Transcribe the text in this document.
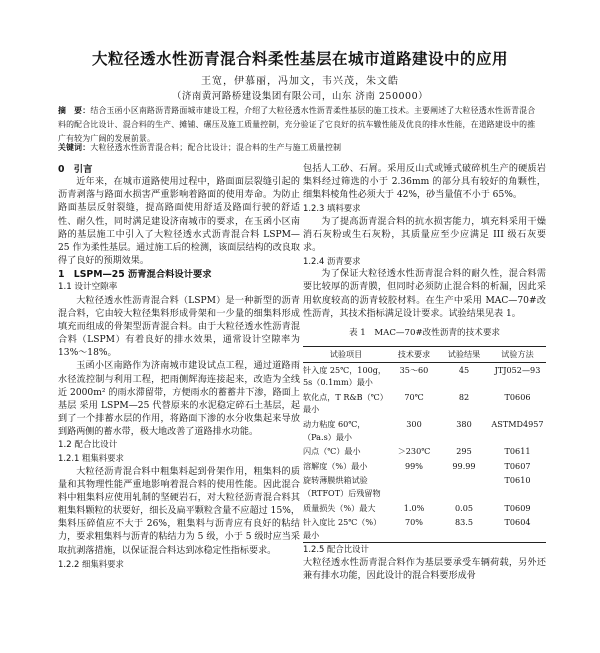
大粒径透水性沥青混合料柔性基层在城市道路建设中的应用
王宽，伊慕丽，冯加文，韦兴茂，朱文皓
（济南黄河路桥建设集团有限公司，山东 济南 250000）
摘　要：结合玉函小区南路沥青路面城市建设工程，介绍了大粒径透水性沥青柔性基层的施工技术。主要阐述了大粒径透水性沥青混合料的配合比设计、混合料的生产、摊铺、碾压及施工质量控制，充分验证了它良好的抗车辙性能及优良的排水性能，在道路建设中的推广有较为广阔的发展前景。
关键词：大粒径透水性沥青混合料；配合比设计；混合料的生产与施工质量控制

0　引言

近年来，在城市道路使用过程中，路面面层裂缝引起的沥青剥落与路面水损害严重影响着路面的使用寿命。为防止路面基层反射裂缝，提高路面使用舒适及路面行驶的舒适性、耐久性，同时满足建设济南城市的要求，在玉函小区南路的基层施工中引入了大粒径透水式沥青混合料 LSPM—25 作为柔性基层。通过施工后的检测，该面层结构的改良取得了良好的预期效果。

1　LSPM—25 沥青混合料设计要求

1.1 设计空隙率

大粒径透水性沥青混合料（LSPM）是一种新型的沥青混合料，它由较大粒径集料形成骨架和一少量的细集料形成填充而组成的骨架型沥青混合料。由于大粒径透水性沥青混合料（LSPM）有着良好的排水效果，通常设计空隙率为13%～18%。

玉函小区南路作为济南城市建设试点工程，通过道路雨水径流控制与利用工程，把雨侧辉海连接起来，改造为全线近 2000m² 的雨水滞留带，方便雨水的蓄蓄井下渗，路面上基层 采用 LSPM—25 代替原来的水泥稳定碎石土基层，起到了一个排蓄水层的作用，将路面下渗的水分收集起来导放到路两侧的蓄水带，极大地改善了道路排水功能。

1.2 配合比设计

1.2.1 粗集料要求

大粒径沥青混合料中粗集料起到骨架作用，粗集料的质量和其物理性能严重地影响着混合料的使用性能。因此混合料中粗集料应使用轧制的坚硬岩石，对大粒径沥青混合料其粗集料颗粒的状要好，细长及扁平颗粒含量不应超过 15%，集料压碎值应不大于 26%，粗集料与沥青应有良好的粘结力，要求粗集料与沥青的粘结力为 5 级，小于 5 级时应当采取抗剥落措施，以保证混合料达到冰稳定性指标要求。

1.2.2 细集料要求

包括人工砂、石屑。采用反山式或锤式破碎机生产的硬质岩集料经过筛选的小于 2.36mm 的部分具有较好的角颗性，细集料棱角性必须大于 42%，砂当量值不小于 65%。

1.2.3 填料要求

为了提高沥青混合料的抗水损害能力，填充料采用干燥消石灰粉或生石灰粉，其质量应至少应满足 III 级石灰要求。

1.2.4 沥青要求

为了保证大粒径透水性沥青混合料的耐久性，混合料需要比较厚的沥青膜，但同时必须防止混合料的析漏，因此采用软度较高的沥青较胶材料。在生产中采用 MAC—70#改性沥青，其技术指标满足设计要求。试验结果见表 1。

表 1　MAC—70#改性沥青的技术要求

试验项目	技术要求	试验结果	试验方法
针入度 25℃，100g，5s（0.1mm）最小	35～60	45	JTJ052—93
软化点，T R&B（℃）最小	70℃	82	T0606
动力粘度 60℃，（Pa.s）最小	300	380	ASTMD4957
闪点（℃）最小	＞230℃	295	T0611
溶解度（%）最小	99%	99.99	T0607
旋转薄膜烘箱试验（RTFOT）后残留物			T0610
质量损失（%）最大	1.0%	0.05	T0609
针入度比 25℃（%）最小	70%	83.5	T0604

1.2.5 配合比设计

大粒径透水性沥青混合料作为基层要承受车辆荷载，另外还兼有排水功能，因此设计的混合料要形成骨
